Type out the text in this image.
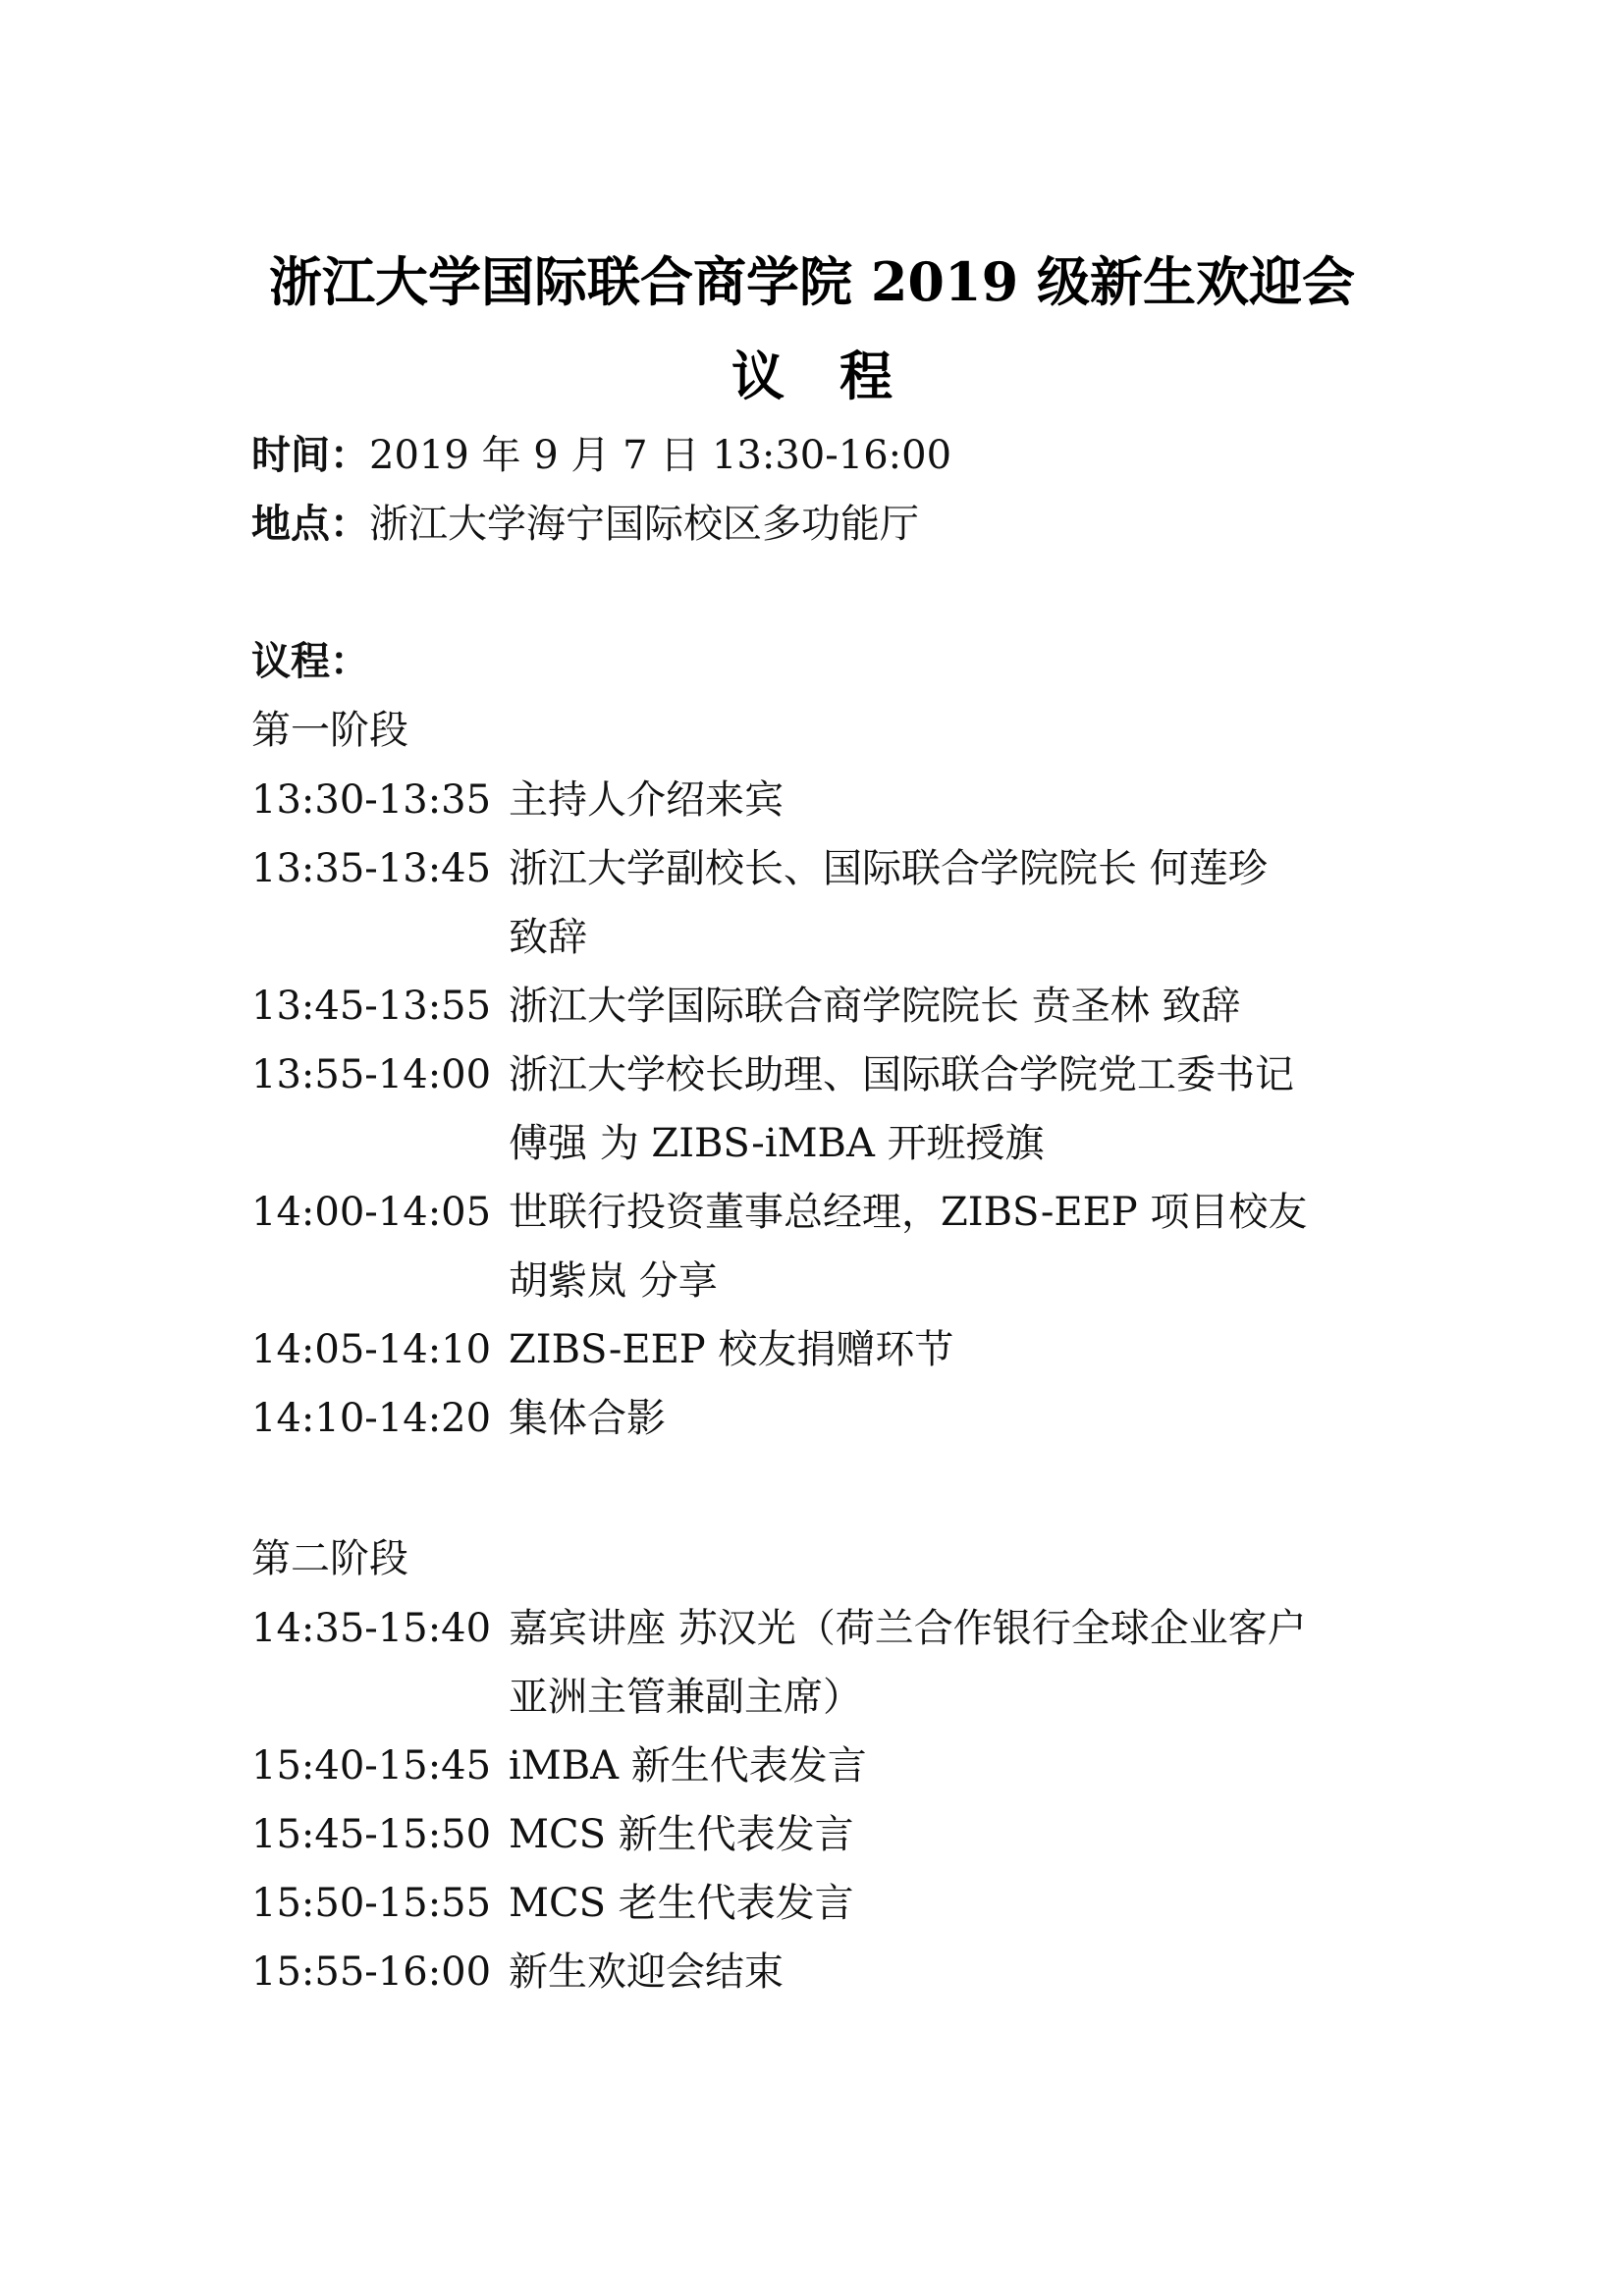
浙江大学国际联合商学院 2019 级新生欢迎会
议程
时间：2019 年 9 月 7 日 13:30-16:00
地点：浙江大学海宁国际校区多功能厅
议程：
第一阶段
13:30-13:35 主持人介绍来宾
13:35-13:45 浙江大学副校长、国际联合学院院长 何莲珍
致辞
13:45-13:55 浙江大学国际联合商学院院长 贲圣林 致辞
13:55-14:00 浙江大学校长助理、国际联合学院党工委书记
傅强 为 ZIBS-iMBA 开班授旗
14:00-14:05 世联行投资董事总经理，ZIBS-EEP 项目校友
胡紫岚 分享
14:05-14:10 ZIBS-EEP 校友捐赠环节
14:10-14:20 集体合影
第二阶段
14:35-15:40 嘉宾讲座 苏汉光（荷兰合作银行全球企业客户
亚洲主管兼副主席）
15:40-15:45 iMBA 新生代表发言
15:45-15:50 MCS 新生代表发言
15:50-15:55 MCS 老生代表发言
15:55-16:00 新生欢迎会结束
